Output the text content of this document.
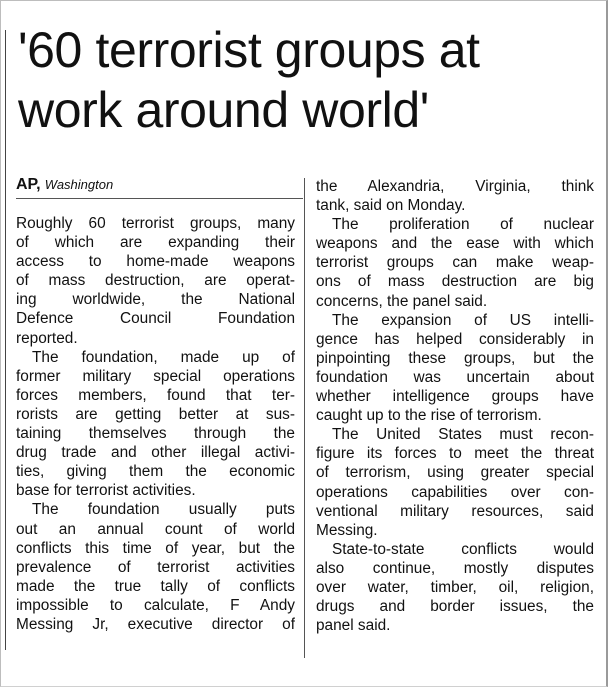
'60 terrorist groups at
work around world'
AP, Washington
Roughly 60 terrorist groups, many
of which are expanding their
access to home-made weapons
of mass destruction, are operat-
ing worldwide, the National
Defence Council Foundation
reported.
The foundation, made up of
former military special operations
forces members, found that ter-
rorists are getting better at sus-
taining themselves through the
drug trade and other illegal activi-
ties, giving them the economic
base for terrorist activities.
The foundation usually puts
out an annual count of world
conflicts this time of year, but the
prevalence of terrorist activities
made the true tally of conflicts
impossible to calculate, F Andy
Messing Jr, executive director of
the Alexandria, Virginia, think
tank, said on Monday.
The proliferation of nuclear
weapons and the ease with which
terrorist groups can make weap-
ons of mass destruction are big
concerns, the panel said.
The expansion of US intelli-
gence has helped considerably in
pinpointing these groups, but the
foundation was uncertain about
whether intelligence groups have
caught up to the rise of terrorism.
The United States must recon-
figure its forces to meet the threat
of terrorism, using greater special
operations capabilities over con-
ventional military resources, said
Messing.
State-to-state conflicts would
also continue, mostly disputes
over water, timber, oil, religion,
drugs and border issues, the
panel said.
